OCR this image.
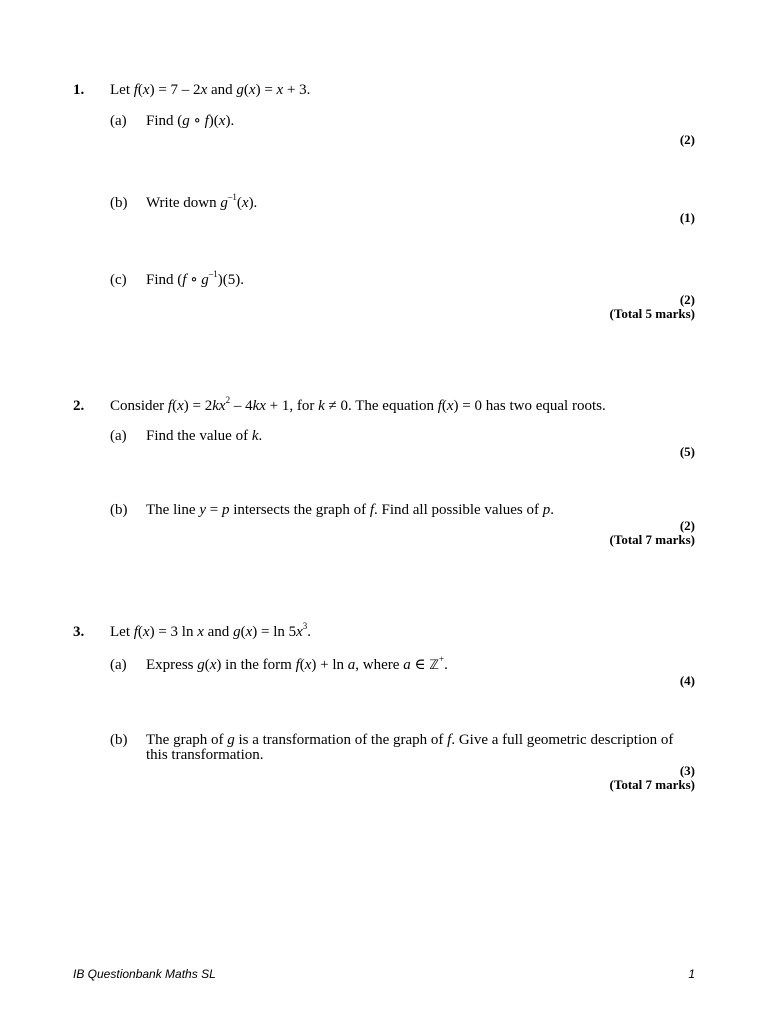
1. Let f(x) = 7 – 2x and g(x) = x + 3.
(a) Find (g ∘ f)(x).
(2)
(b) Write down $g^{-1}(x)$.
(1)
(c) Find (f ∘ $g^{-1})(5)$.
(2)
(Total 5 marks)
2. Consider $f(x) = 2kx^2 - 4kx + 1$, for k ≠ 0. The equation f(x) = 0 has two equal roots.
(a) Find the value of k.
(5)
(b) The line y = p intersects the graph of f. Find all possible values of p.
(2)
(Total 7 marks)
3. Let f(x) = 3 ln x and $g(x) = \ln 5x^3$.
(a) Express g(x) in the form f(x) + ln a, where a ∈ ℤ+.
(4)
(b) The graph of g is a transformation of the graph of f. Give a full geometric description of
this transformation.
(3)
(Total 7 marks)
IB Questionbank Maths SL	1
